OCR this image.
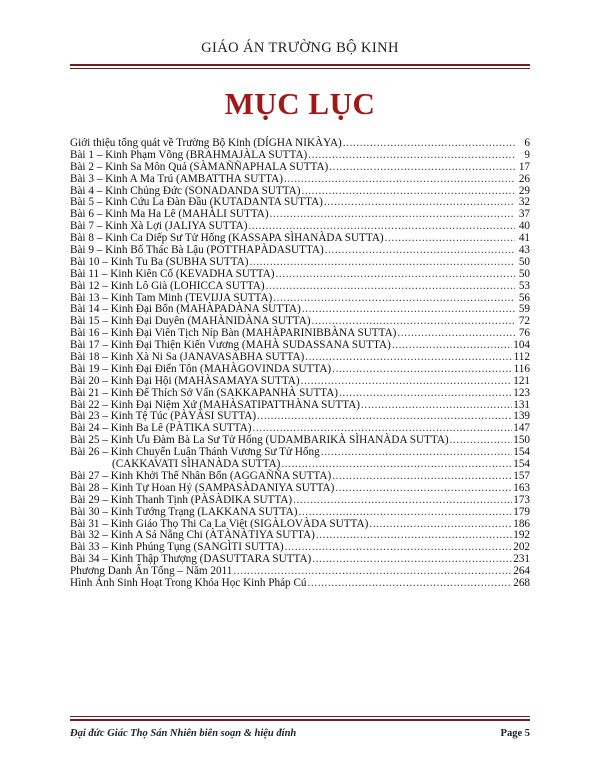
GIÁO ÁN TRƯỜNG BỘ KINH
MỤC LỤC
Giới thiệu tổng quát về Trường Bộ Kinh (DÍGHA NIKÀYA) .....	6
Bài 1 – Kinh Phạm Võng (BRAHMAJÀLA SUTTA) .....	9
Bài 2 – Kinh Sa Môn Quả (SÀMAÑÑAPHALA SUTTA) .....	17
Bài 3 – Kinh A Ma Trú (AMBATTHA SUTTA) .....	26
Bài 4 – Kinh Chủng Đức (SONADANDA SUTTA) .....	29
Bài 5 – Kinh Cứu La Đàn Đầu (KUTADANTA SUTTA) .....	32
Bài 6 – Kinh Ma Ha Lê (MAHÀLI SUTTA) .....	37
Bài 7 – Kinh Xà Lợi (JALIYA SUTTA) .....	40
Bài 8 – Kinh Ca Diếp Sư Tử Hống (KASSAPA SÌHANÀDA SUTTA) .....	41
Bài 9 – Kinh Bố Thác Bà Lậu (POTTHAPÀDASUTTA) .....	43
Bài 10 – Kinh Tu Ba (SUBHA SUTTA) .....	50
Bài 11 – Kinh Kiên Cố (KEVADHA SUTTA) .....	50
Bài 12 – Kinh Lô Già (LOHICCA SUTTA) .....	53
Bài 13 – Kinh Tam Minh (TEVIJJA SUTTA) .....	56
Bài 14 – Kinh Đại Bổn (MAHÀPADÀNA SUTTA) .....	59
Bài 15 – Kinh Đại Duyên (MAHÀNIDÀNA SUTTA) .....	72
Bài 16 – Kinh Đại Viên Tịch Níp Bàn (MAHÀPARINIBBÀNA SUTTA) .....	76
Bài 17 – Kinh Đại Thiện Kiến Vương (MAHÀ SUDASSANA SUTTA) .....	104
Bài 18 – Kinh Xà Ni Sa (JANAVASABHA SUTTA) .....	112
Bài 19 – Kinh Đại Điển Tôn (MAHÀGOVINDA SUTTA) .....	116
Bài 20 – Kinh Đại Hội (MAHÀSAMAYA SUTTA) .....	121
Bài 21 – Kinh Đế Thích Sở Vấn (SAKKAPANHÀ SUTTA) .....	123
Bài 22 – Kinh Đại Niệm Xứ (MAHÀSATIPATTHÀNA SUTTA) .....	131
Bài 23 – Kinh Tệ Túc (PÀYÀSI SUTTA) .....	139
Bài 24 – Kinh Ba Lê (PÀTIKA SUTTA) .....	147
Bài 25 – Kinh Ưu Đàm Bà La Sư Tử Hống (UDAMBARIKÀ SÌHANÀDA SUTTA) .....	150
Bài 26 – Kinh Chuyển Luân Thánh Vương Sư Tử Hống .....	154
(CAKKAVATI SÌHANÀDA SUTTA) .....	154
Bài 27 – Kinh Khởi Thế Nhân Bổn (AGGAÑÑA SUTTA) .....	157
Bài 28 – Kinh Tự Hoan Hỷ (SAMPASÀDANIYA SUTTA) .....	163
Bài 29 – Kinh Thanh Tịnh (PÀSÀDIKA SUTTA) .....	173
Bài 30 – Kinh Tướng Trạng (LAKKANA SUTTA) .....	179
Bài 31 – Kinh Giáo Thọ Thi Ca La Việt (SIGÀLOVÀDA SUTTA) .....	186
Bài 32 – Kinh A Sá Nẵng Chi (ÀTÀNÀTIYA SUTTA) .....	192
Bài 33 – Kinh Phúng Tụng (SANGÌTI SUTTA) .....	202
Bài 34 – Kinh Thập Thượng (DASUTTARA SUTTA) .....	231
Phương Danh Ấn Tống – Năm 2011 .....	264
Hình Ảnh Sinh Hoạt Trong Khóa Học Kinh Pháp Cú .....	268
Đại đức Giác Thọ Sán Nhiên biên soạn & hiệu đính	Page 5
